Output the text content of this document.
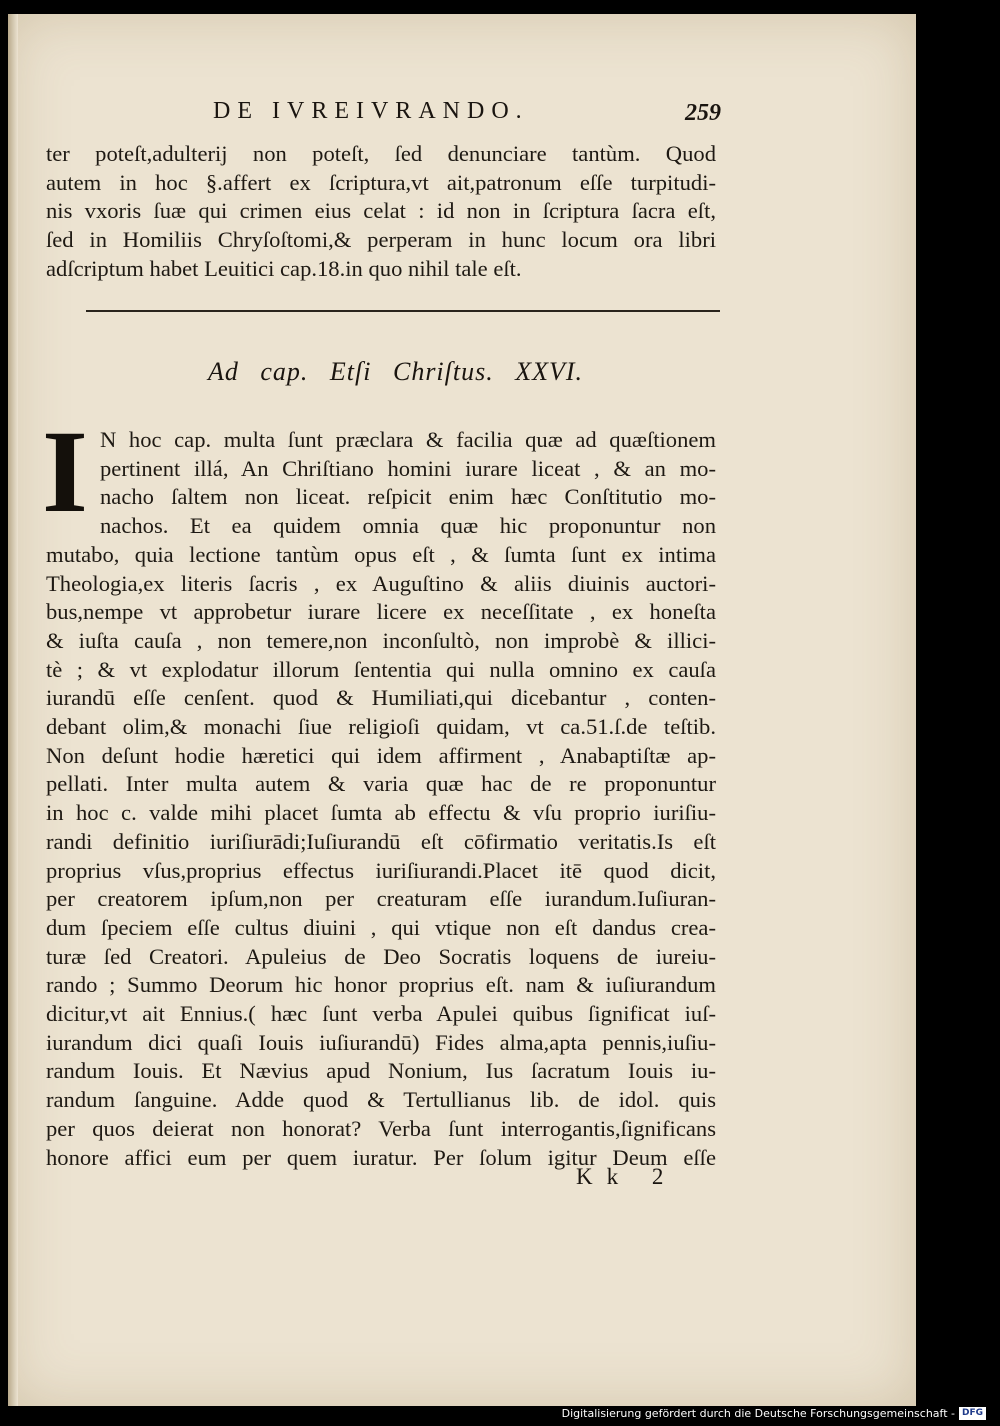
DE IVREIVRANDO.	259
ter poteſt,adulterij non poteſt, ſed denunciare tantùm. Quod
autem in hoc §.affert ex ſcriptura,vt ait,patronum eſſe turpitudi-
nis vxoris ſuæ qui crimen eius celat : id non in ſcriptura ſacra eſt,
ſed in Homiliis Chryſoſtomi,& perperam in hunc locum ora libri
adſcriptum habet Leuitici cap.18.in quo nihil tale eſt.
Ad cap. Etſi Chriſtus. XXVI.
I N hoc cap. multa ſunt præclara & facilia quæ ad quæſtionem
pertinent illá, An Chriſtiano homini iurare liceat , & an mo-
nacho ſaltem non liceat. reſpicit enim hæc Conſtitutio mo-
nachos. Et ea quidem omnia quæ hic proponuntur non
mutabo, quia lectione tantùm opus eſt , & ſumta ſunt ex intima
Theologia,ex literis ſacris , ex Auguſtino & aliis diuinis auctori-
bus,nempe vt approbetur iurare licere ex neceſſitate , ex honeſta
& iuſta cauſa , non temere,non inconſultò, non improbè & illici-
tè ; & vt explodatur illorum ſententia qui nulla omnino ex cauſa
iurandū eſſe cenſent. quod & Humiliati,qui dicebantur , conten-
debant olim,& monachi ſiue religioſi quidam, vt ca.51.ſ.de teſtib.
Non deſunt hodie hæretici qui idem affirment , Anabaptiſtæ ap-
pellati. Inter multa autem & varia quæ hac de re proponuntur
in hoc c. valde mihi placet ſumta ab effectu & vſu proprio iuriſiu-
randi definitio iuriſiurādi;Iuſiurandū eſt cōfirmatio veritatis.Is eſt
proprius vſus,proprius effectus iuriſiurandi.Placet itē quod dicit,
per creatorem ipſum,non per creaturam eſſe iurandum.Iuſiuran-
dum ſpeciem eſſe cultus diuini , qui vtique non eſt dandus crea-
turæ ſed Creatori. Apuleius de Deo Socratis loquens de iureiu-
rando ; Summo Deorum hic honor proprius eſt. nam & iuſiurandum
dicitur,vt ait Ennius.( hæc ſunt verba Apulei quibus ſignificat iuſ-
iurandum dici quaſi Iouis iuſiurandū) Fides alma,apta pennis,iuſiu-
randum Iouis. Et Nævius apud Nonium, Ius ſacratum Iouis iu-
randum ſanguine. Adde quod & Tertullianus lib. de idol. quis
per quos deierat non honorat? Verba ſunt interrogantis,ſignificans
honore affici eum per quem iuratur. Per ſolum igitur Deum eſſe
Kk 2
Digitalisierung gefördert durch die Deutsche Forschungsgemeinschaft - DFG
